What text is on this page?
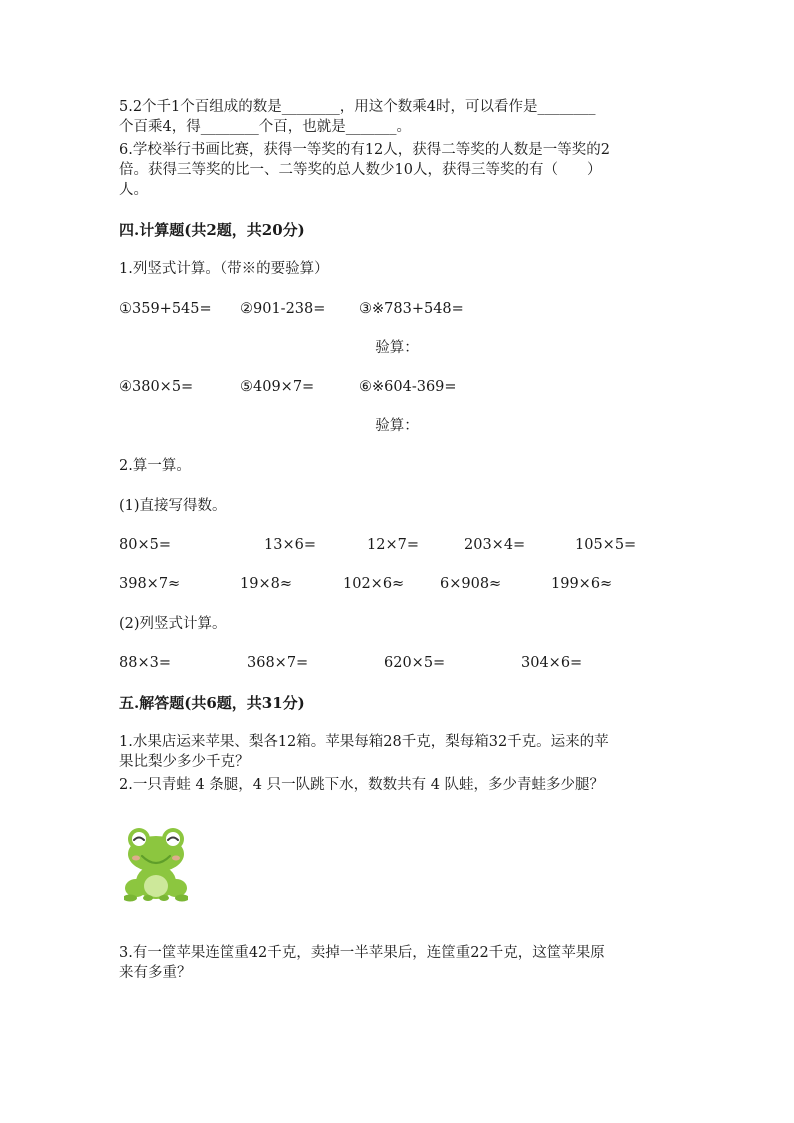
5.2个千1个百组成的数是________，用这个数乘4时，可以看作是________
个百乘4，得________个百，也就是_______。
6.学校举行书画比赛，获得一等奖的有12人，获得二等奖的人数是一等奖的2
倍。获得三等奖的比一、二等奖的总人数少10人，获得三等奖的有（　　）
人。
四.计算题(共2题，共20分)
1.列竖式计算。（带※的要验算）
①359+545= ②901-238= ③※783+548=
验算：
④380×5=	⑤409×7=	⑥※604-369=
验算：
2.算一算。
(1)直接写得数。
80×5=	13×6=	12×7=	203×4=	105×5=
398×7≈	19×8≈	102×6≈ 6×908≈	199×6≈
(2)列竖式计算。
88×3=	368×7=	620×5=	304×6=
五.解答题(共6题，共31分)
1.水果店运来苹果、梨各12箱。苹果每箱28千克，梨每箱32千克。运来的苹
果比梨少多少千克？
2.一只青蛙 4 条腿，4 只一队跳下水，数数共有 4 队蛙，多少青蛙多少腿？
3.有一筐苹果连筐重42千克，卖掉一半苹果后，连筐重22千克，这筐苹果原
来有多重？
